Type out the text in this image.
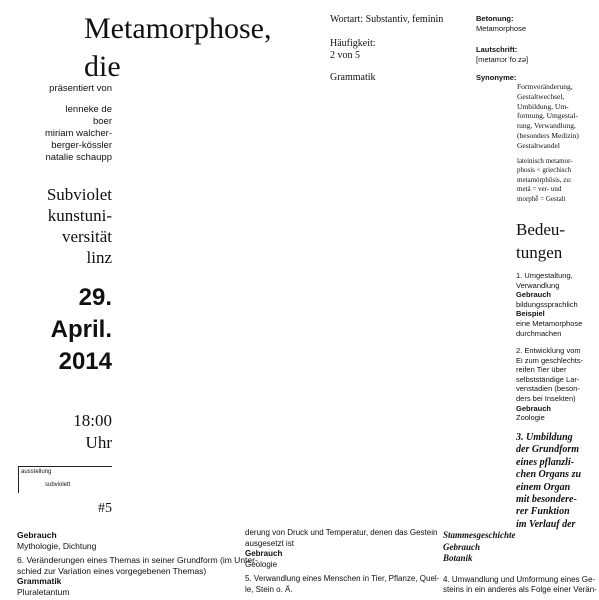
Metamorphose,
die
präsentiert von
lenneke de
boer
miriam walcher-
berger-kössler
natalie schaupp
Subviolet
kunstuni-
versität
linz
29.
April.
2014
18:00
Uhr
ausstellung
subviolett
#5
Gebrauch
Mythologie, Dichtung
6. Veränderungen eines Themas in seiner Grundform (im Unter-
schied zur Variation eines vorgegebenen Themas)
Grammatik
Pluraletantum
derung von Druck und Temperatur, denen das Gestein
ausgesetzt ist
Gebrauch
Geologie
5. Verwandlung eines Menschen in Tier, Pflanze, Quel-
le, Stein o. Ä.
Stammesgeschichte
Gebrauch
Botanik
4. Umwandlung und Umformung eines Ge-
steins in ein anderes als Folge einer Verän-
Wortart: Substantiv, feminin
Häufigkeit:
2 von 5
Grammatik
Betonung:
Metamorphose
Lautschrift:
[metamɔrˈfoːzə]
Synonyme:
Formveränderung,
Gestaltwechsel,
Umbildung, Um-
formung, Umgestal-
tung, Verwandlung,
(besonders Medizin)
Gestaltwandel
lateinisch metamor-
phosis < griechisch
metamórphōsis, zu:
metá = ver- und
morphḗ = Gestalt
Bedeu-
tungen
1. Umgestaltung,
Verwandlung
Gebrauch
bildungssprachlich
Beispiel
eine Metamorphose
durchmachen
2. Entwicklung vom
Ei zum geschlechts-
reifen Tier über
selbstständige Lar-
venstadien (beson-
ders bei Insekten)
Gebrauch
Zoologie
3. Umbildung
der Grundform
eines pflanzli-
chen Organs zu
einem Organ
mit besondere-
rer Funktion
im Verlauf der
